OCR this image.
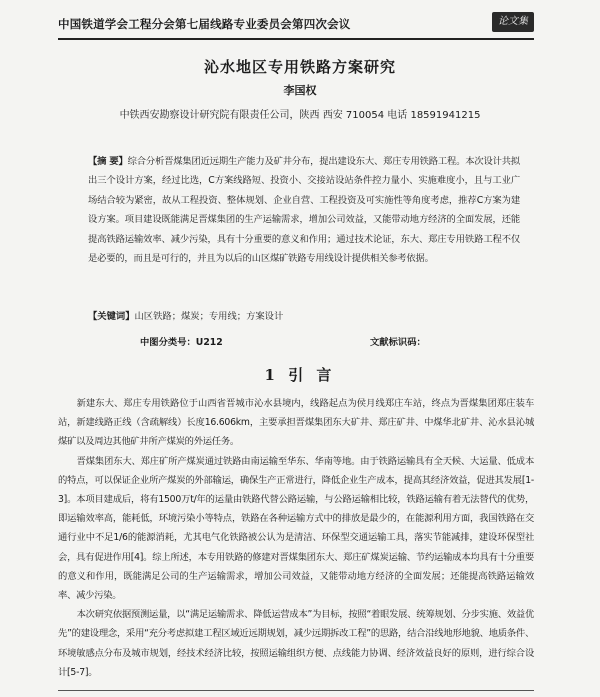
中国铁道学会工程分会第七届线路专业委员会第四次会议	论文集
沁水地区专用铁路方案研究
李国权
中铁西安勘察设计研究院有限责任公司，陕西 西安 710054 电话 18591941215
【摘 要】综合分析晋煤集团近远期生产能力及矿井分布，提出建设东大、郑庄专用铁路工程。本次设计共拟出三个设计方案，经过比选，C方案线路短、投资小、交接站设站条件控力量小、实施难度小，且与工业广场结合较为紧密，故从工程投资、整体规划、企业自营、工程投资及可实施性等角度考虑，推荐C方案为建设方案。项目建设既能满足晋煤集团的生产运输需求，增加公司效益，又能带动地方经济的全面发展，还能提高铁路运输效率、减少污染，具有十分重要的意义和作用；通过技术论证，东大、郑庄专用铁路工程不仅是必要的，而且是可行的，并且为以后的山区煤矿铁路专用线设计提供相关参考依据。
【关键词】山区铁路；煤炭；专用线；方案设计
中图分类号：U212	文献标识码：
1 引 言

新建东大、郑庄专用铁路位于山西省晋城市沁水县境内，线路起点为侯月线郑庄车站，终点为晋煤集团郑庄装车站，新建线路正线（含疏解线）长度16.606km，主要承担晋煤集团东大矿井、郑庄矿井、中煤华北矿井、沁水县沁城煤矿以及周边其他矿井所产煤炭的外运任务。

晋煤集团东大、郑庄矿所产煤炭通过铁路由南运输至华东、华南等地。由于铁路运输具有全天候、大运量、低成本的特点，可以保证企业所产煤炭的外部输运，确保生产正常进行，降低企业生产成本，提高其经济效益，促进其发展[1-3]。本项目建成后，将有1500万t/年的运量由铁路代替公路运输，与公路运输相比较，铁路运输有着无法替代的优势，即运输效率高，能耗低，环境污染小等特点，铁路在各种运输方式中的排放是最少的，在能源利用方面，我国铁路在交通行业中不足1/6的能源消耗，尤其电气化铁路被公认为是清洁、环保型交通运输工具，落实节能减排，建设环保型社会，具有促进作用[4]。综上所述，本专用铁路的修建对晋煤集团东大、郑庄矿煤炭运输、节约运输成本均具有十分重要的意义和作用，既能满足公司的生产运输需求，增加公司效益，又能带动地方经济的全面发展；还能提高铁路运输效率、减少污染。

本次研究依据预测运量，以“满足运输需求、降低运营成本”为目标，按照“着眼发展、统筹规划、分步实施、效益优先”的建设理念，采用“充分考虑拟建工程区域近远期规划，减少远期拆改工程”的思路，结合沿线地形地貌、地质条件、环境敏感点分布及城市规划，经技术经济比较，按照运输组织方便、点线能力协调、经济效益良好的原则，进行综合设计[5-7]。
